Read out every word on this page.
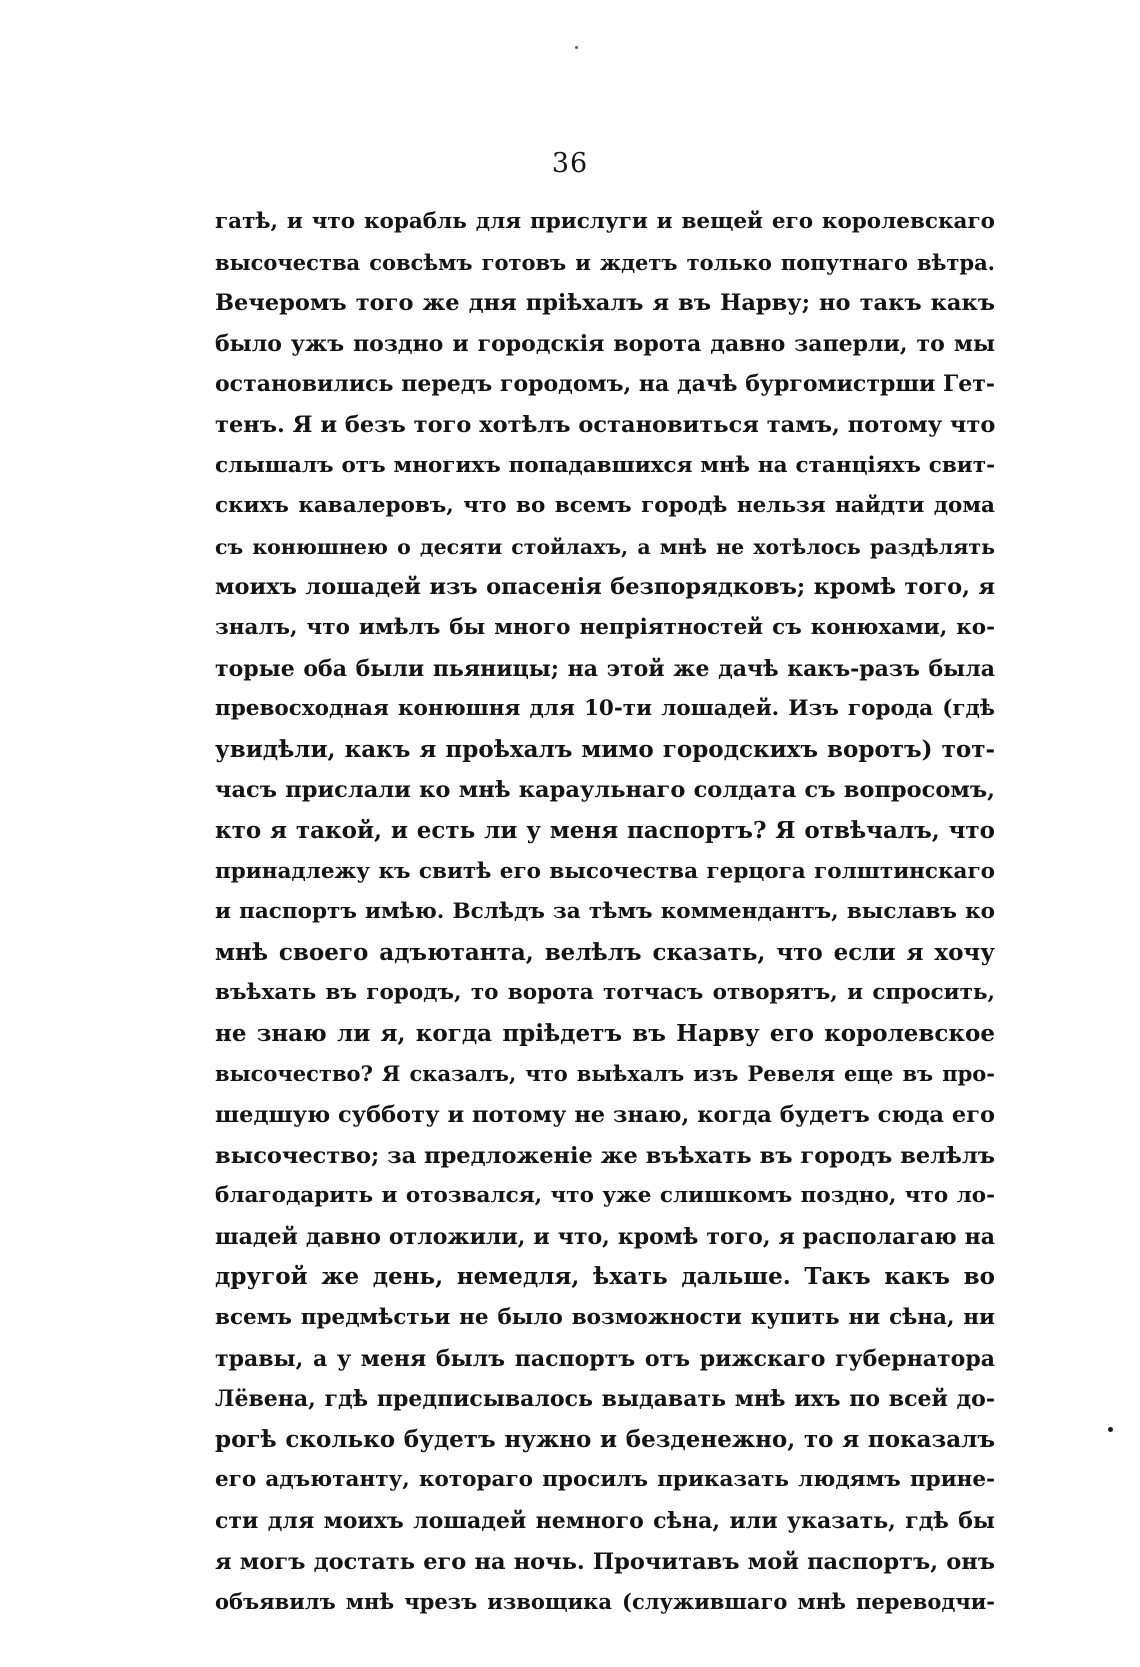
36
гатѣ, и что корабль для прислуги и вещей его королевскаго
высочества совсѣмъ готовъ и ждетъ только попутнаго вѣтра.
Вечеромъ того же дня пріѣхалъ я въ Нарву; но такъ какъ
было ужъ поздно и городскія ворота давно заперли, то мы
остановились передъ городомъ, на дачѣ бургомистрши Гет-
тенъ. Я и безъ того хотѣлъ остановиться тамъ, потому что
слышалъ отъ многихъ попадавшихся мнѣ на станціяхъ свит-
скихъ кавалеровъ, что во всемъ городѣ нельзя найдти дома
съ конюшнею о десяти стойлахъ, а мнѣ не хотѣлось раздѣлять
моихъ лошадей изъ опасенія безпорядковъ; кромѣ того, я
зналъ, что имѣлъ бы много непріятностей съ конюхами, ко-
торые оба были пьяницы; на этой же дачѣ какъ-разъ была
превосходная конюшня для 10-ти лошадей. Изъ города (гдѣ
увидѣли, какъ я проѣхалъ мимо городскихъ воротъ) тот-
часъ прислали ко мнѣ караульнаго солдата съ вопросомъ,
кто я такой, и есть ли у меня паспортъ? Я отвѣчалъ, что
принадлежу къ свитѣ его высочества герцога голштинскаго
и паспортъ имѣю. Вслѣдъ за тѣмъ коммендантъ, выславъ ко
мнѣ своего адъютанта, велѣлъ сказать, что если я хочу
въѣхать въ городъ, то ворота тотчасъ отворятъ, и спросить,
не знаю ли я, когда пріѣдетъ въ Нарву его королевское
высочество? Я сказалъ, что выѣхалъ изъ Ревеля еще въ про-
шедшую субботу и потому не знаю, когда будетъ сюда его
высочество; за предложеніе же въѣхать въ городъ велѣлъ
благодарить и отозвался, что уже слишкомъ поздно, что ло-
шадей давно отложили, и что, кромѣ того, я располагаю на
другой же день, немедля, ѣхать дальше. Такъ какъ во
всемъ предмѣстьи не было возможности купить ни сѣна, ни
травы, а у меня былъ паспортъ отъ рижскаго губернатора
Лёвена, гдѣ предписывалось выдавать мнѣ ихъ по всей до-
рогѣ сколько будетъ нужно и безденежно, то я показалъ
его адъютанту, котораго просилъ приказать людямъ прине-
сти для моихъ лошадей немного сѣна, или указать, гдѣ бы
я могъ достать его на ночь. Прочитавъ мой паспортъ, онъ
объявилъ мнѣ чрезъ извощика (служившаго мнѣ переводчи-
